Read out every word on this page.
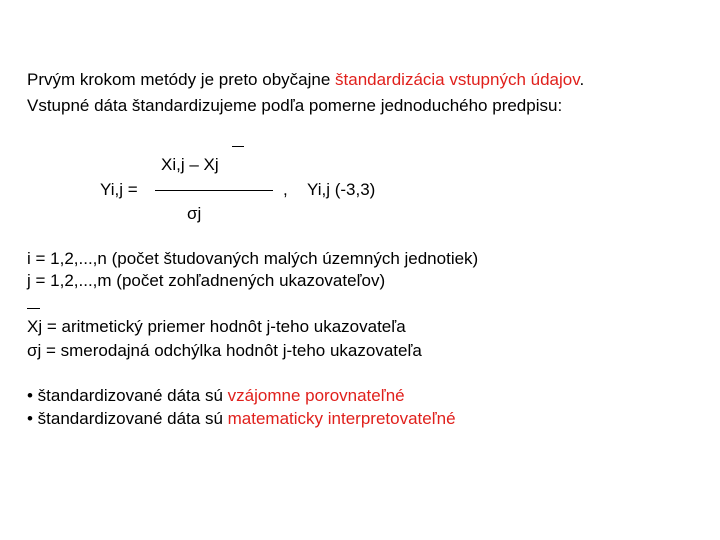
Prvým krokom metódy je preto obyčajne štandardizácia vstupných údajov.
Vstupné dáta štandardizujeme podľa pomerne jednoduchého predpisu:
Xi,j – Xj
Yi,j =	, Yi,j (-3,3)
σj
i = 1,2,...,n (počet študovaných malých územných jednotiek)
j = 1,2,...,m (počet zohľadnených ukazovateľov)
Xj = aritmetický priemer hodnôt j-teho ukazovateľa
σj = smerodajná odchýlka hodnôt j-teho ukazovateľa
• štandardizované dáta sú vzájomne porovnateľné
• štandardizované dáta sú matematicky interpretovateľné
